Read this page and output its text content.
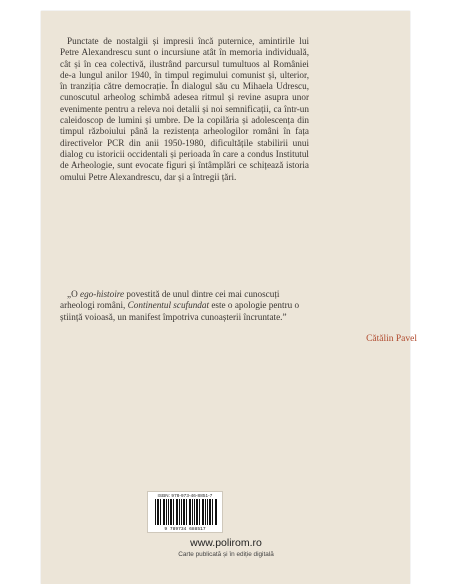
Punctate de nostalgii și impresii încă puternice, amintirile lui Petre Alexandrescu sunt o incursiune atât în memoria individuală, cât și în cea colectivă, ilustrând parcursul tumultuos al României de-a lungul anilor 1940, în timpul regimului comunist și, ulterior, în tranziția către democrație. În dialogul său cu Mihaela Udrescu, cunoscutul arheolog schimbă adesea ritmul și revine asupra unor evenimente pentru a releva noi detalii și noi semnificații, ca într-un caleidoscop de lumini și umbre. De la copilăria și adolescența din timpul războiului până la rezistența arheologilor români în fața directivelor PCR din anii 1950-1980, dificultățile stabilirii unui dialog cu istoricii occidentali și perioada în care a condus Institutul de Arheologie, sunt evocate figuri și întâmplări ce schițează istoria omului Petre Alexandrescu, dar și a întregii țări.

„O ego-histoire povestită de unul dintre cei mai cunoscuți arheologi români, Continentul scufundat este o apologie pentru o știință voioasă, un manifest împotriva cunoașterii încruntate.”

Cătălin Pavel
ISBN: 978-973-46-8851-7
9 789734 688517
www.polirom.ro
Carte publicată și în ediție digitală
